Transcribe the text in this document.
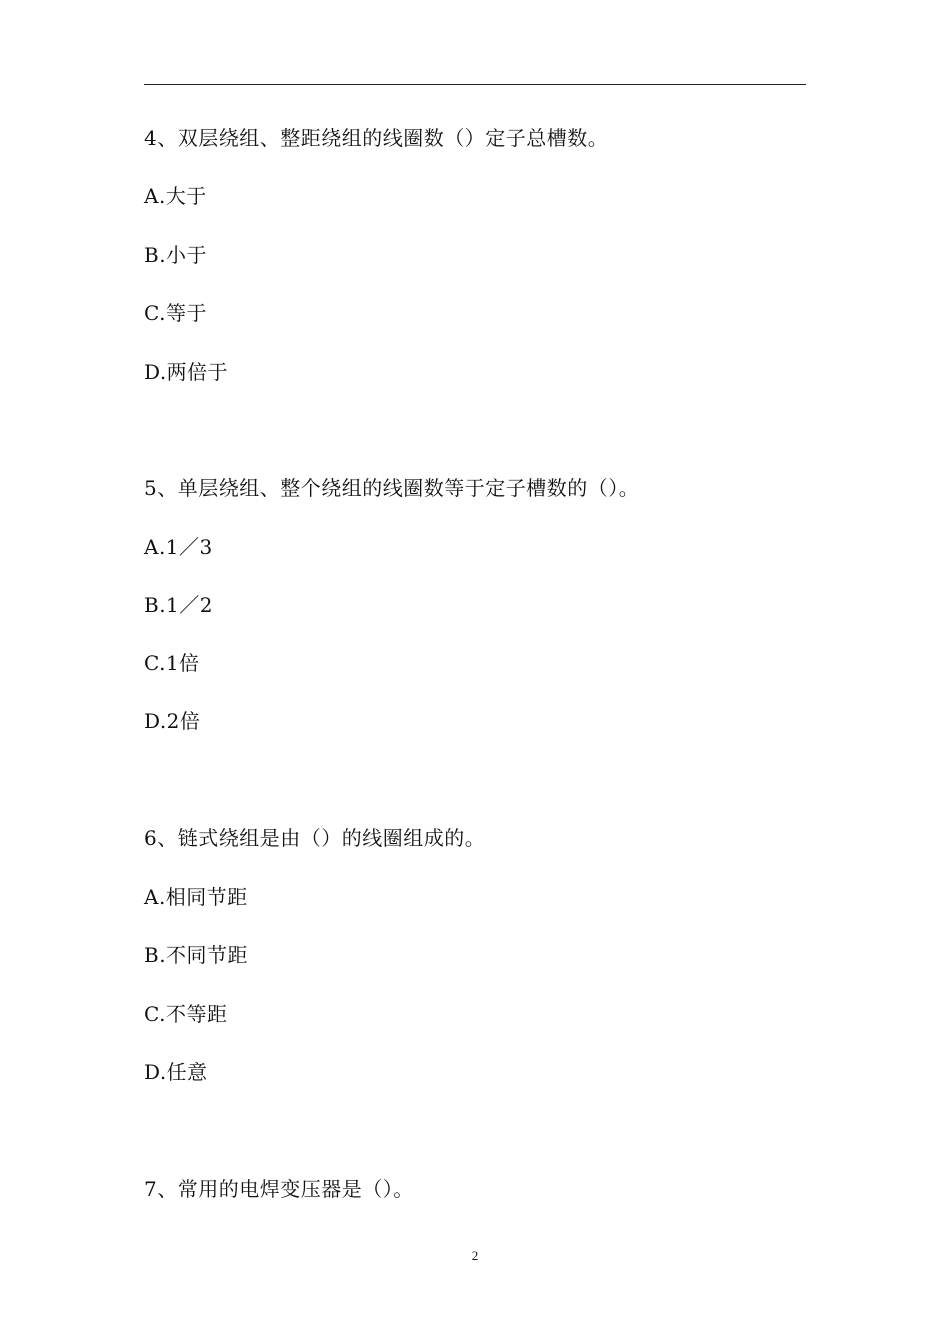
4、双层绕组、整距绕组的线圈数（）定子总槽数。
A.大于
B.小于
C.等于
D.两倍于
5、单层绕组、整个绕组的线圈数等于定子槽数的（）。
A.1／3
B.1／2
C.1倍
D.2倍
6、链式绕组是由（）的线圈组成的。
A.相同节距
B.不同节距
C.不等距
D.任意
7、常用的电焊变压器是（）。
2
